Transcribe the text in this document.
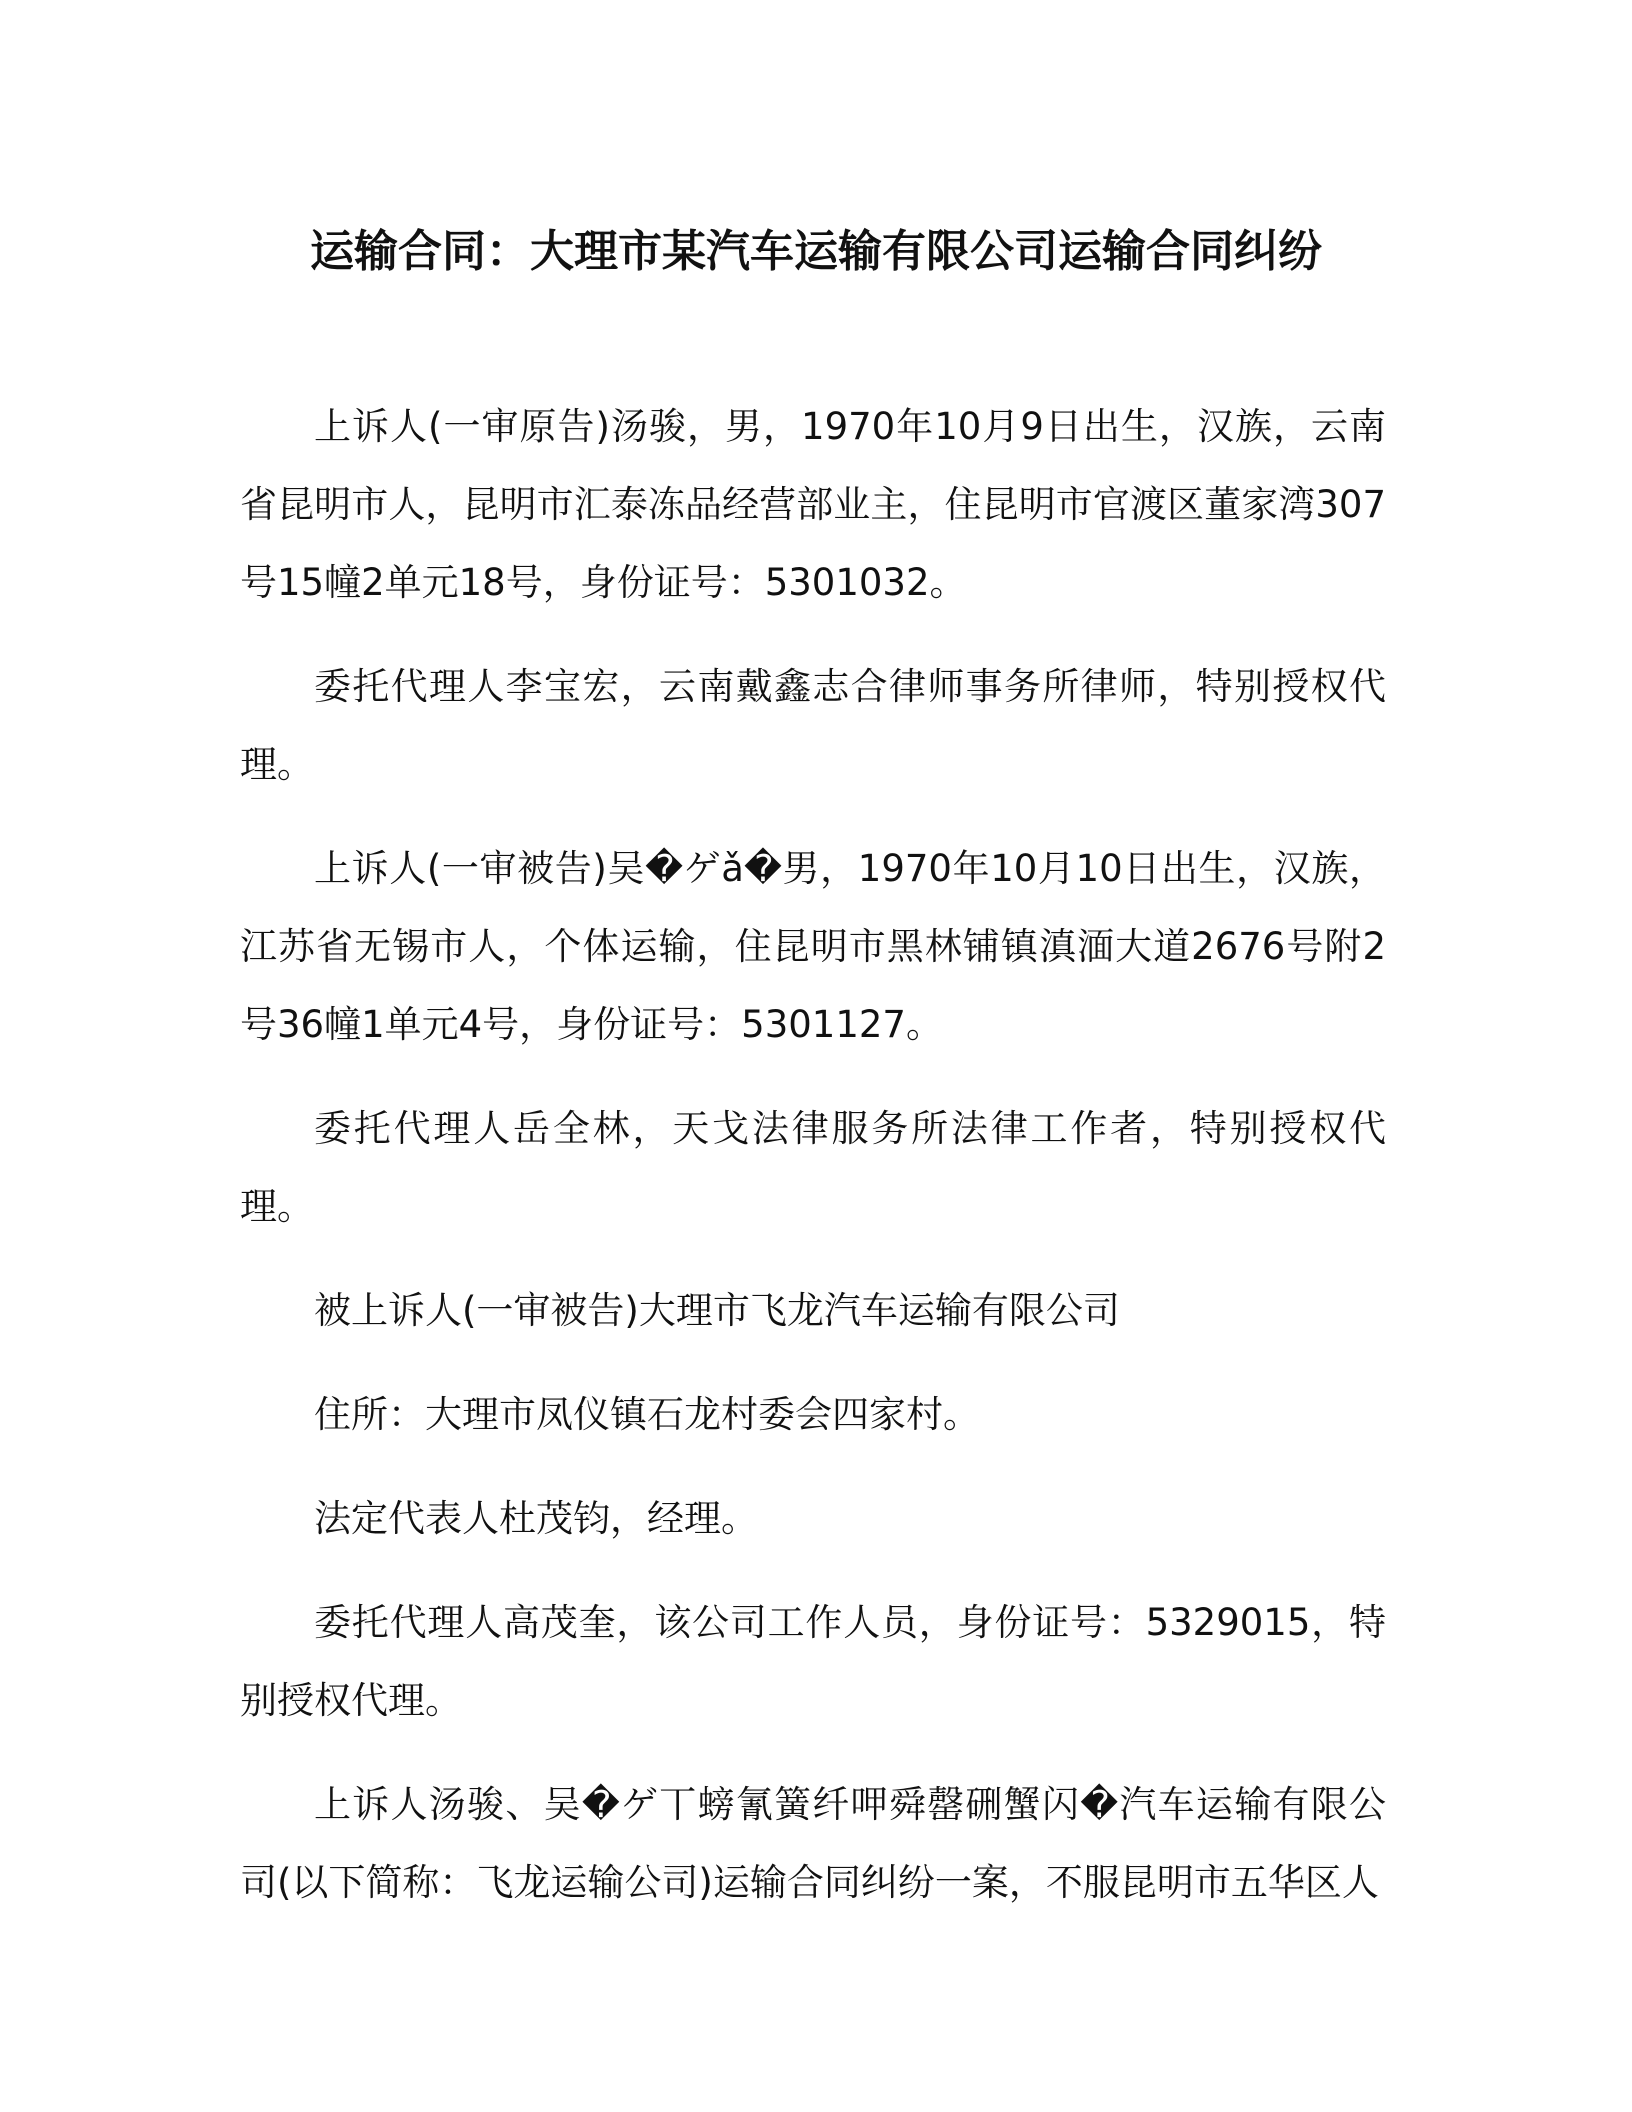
运输合同：大理市某汽车运输有限公司运输合同纠纷

上诉人(一审原告)汤骏，男，1970年10月9日出生，汉族，云南省昆明市人，昆明市汇泰冻品经营部业主，住昆明市官渡区董家湾307号15幢2单元18号，身份证号：5301032。

委托代理人李宝宏，云南戴鑫志合律师事务所律师，特别授权代理。

上诉人(一审被告)吴�ゲǎ�男，1970年10月10日出生，汉族，江苏省无锡市人，个体运输，住昆明市黑林铺镇滇湎大道2676号附2号36幢1单元4号，身份证号：5301127。

委托代理人岳全林，天戈法律服务所法律工作者，特别授权代理。

被上诉人(一审被告)大理市飞龙汽车运输有限公司

住所：大理市凤仪镇石龙村委会四家村。

法定代表人杜茂钧，经理。

委托代理人高茂奎，该公司工作人员，身份证号：5329015，特别授权代理。

上诉人汤骏、吴�ゲ丅螃氰簧纤呷舜罄硎蟹闪�汽车运输有限公司(以下简称：飞龙运输公司)运输合同纠纷一案，不服昆明市五华区人
